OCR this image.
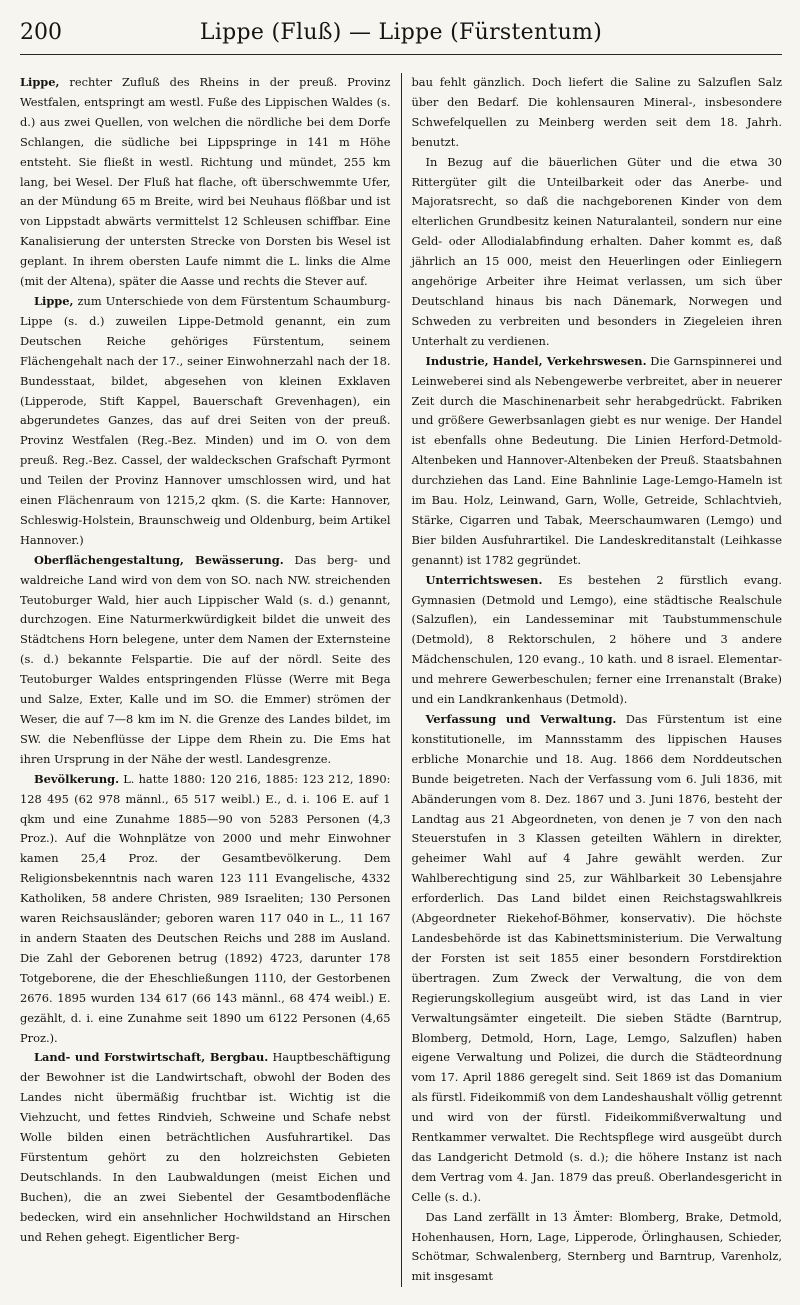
200	Lippe (Fluß) — Lippe (Fürstentum)

Lippe, rechter Zufluß des Rheins in der preuß. Provinz Westfalen, entspringt am westl. Fuße des Lippischen Waldes (s. d.) aus zwei Quellen, von welchen die nördliche bei dem Dorfe Schlangen, die südliche bei Lippspringe in 141 m Höhe entsteht. Sie fließt in westl. Richtung und mündet, 255 km lang, bei Wesel. Der Fluß hat flache, oft überschwemmte Ufer, an der Mündung 65 m Breite, wird bei Neuhaus flößbar und ist von Lippstadt abwärts vermittelst 12 Schleusen schiffbar. Eine Kanalisierung der untersten Strecke von Dorsten bis Wesel ist geplant. In ihrem obersten Laufe nimmt die L. links die Alme (mit der Altena), später die Aasse und rechts die Stever auf.

Lippe, zum Unterschiede von dem Fürstentum Schaumburg-Lippe (s. d.) zuweilen Lippe-Detmold genannt, ein zum Deutschen Reiche gehöriges Fürstentum, seinem Flächengehalt nach der 17., seiner Einwohnerzahl nach der 18. Bundesstaat, bildet, abgesehen von kleinen Exklaven (Lipperode, Stift Kappel, Bauerschaft Grevenhagen), ein abgerundetes Ganzes, das auf drei Seiten von der preuß. Provinz Westfalen (Reg.-Bez. Minden) und im O. von dem preuß. Reg.-Bez. Cassel, der waldeckschen Grafschaft Pyrmont und Teilen der Provinz Hannover umschlossen wird, und hat einen Flächenraum von 1215,2 qkm. (S. die Karte: Hannover, Schleswig-Holstein, Braunschweig und Oldenburg, beim Artikel Hannover.)

Oberflächengestaltung, Bewässerung. Das berg- und waldreiche Land wird von dem von SO. nach NW. streichenden Teutoburger Wald, hier auch Lippischer Wald (s. d.) genannt, durchzogen. Eine Naturmerkwürdigkeit bildet die unweit des Städtchens Horn belegene, unter dem Namen der Externsteine (s. d.) bekannte Felspartie. Die auf der nördl. Seite des Teutoburger Waldes entspringenden Flüsse (Werre mit Bega und Salze, Exter, Kalle und im SO. die Emmer) strömen der Weser, die auf 7—8 km im N. die Grenze des Landes bildet, im SW. die Nebenflüsse der Lippe dem Rhein zu. Die Ems hat ihren Ursprung in der Nähe der westl. Landesgrenze.

Bevölkerung. L. hatte 1880: 120 216, 1885: 123 212, 1890: 128 495 (62 978 männl., 65 517 weibl.) E., d. i. 106 E. auf 1 qkm und eine Zunahme 1885—90 von 5283 Personen (4,3 Proz.). Auf die Wohnplätze von 2000 und mehr Einwohner kamen 25,4 Proz. der Gesamtbevölkerung. Dem Religionsbekenntnis nach waren 123 111 Evangelische, 4332 Katholiken, 58 andere Christen, 989 Israeliten; 130 Personen waren Reichsausländer; geboren waren 117 040 in L., 11 167 in andern Staaten des Deutschen Reichs und 288 im Ausland. Die Zahl der Geborenen betrug (1892) 4723, darunter 178 Totgeborene, die der Eheschließungen 1110, der Gestorbenen 2676. 1895 wurden 134 617 (66 143 männl., 68 474 weibl.) E. gezählt, d. i. eine Zunahme seit 1890 um 6122 Personen (4,65 Proz.).

Land- und Forstwirtschaft, Bergbau. Hauptbeschäftigung der Bewohner ist die Landwirtschaft, obwohl der Boden des Landes nicht übermäßig fruchtbar ist. Wichtig ist die Viehzucht, und fettes Rindvieh, Schweine und Schafe nebst Wolle bilden einen beträchtlichen Ausfuhrartikel. Das Fürstentum gehört zu den holzreichsten Gebieten Deutschlands. In den Laubwaldungen (meist Eichen und Buchen), die an zwei Siebentel der Gesamtbodenfläche bedecken, wird ein ansehnlicher Hochwildstand an Hirschen und Rehen gehegt. Eigentlicher Berg-

bau fehlt gänzlich. Doch liefert die Saline zu Salzuflen Salz über den Bedarf. Die kohlensauren Mineral-, insbesondere Schwefelquellen zu Meinberg werden seit dem 18. Jahrh. benutzt.

In Bezug auf die bäuerlichen Güter und die etwa 30 Rittergüter gilt die Unteilbarkeit oder das Anerbe- und Majoratsrecht, so daß die nachgeborenen Kinder von dem elterlichen Grundbesitz keinen Naturalanteil, sondern nur eine Geld- oder Allodialabfindung erhalten. Daher kommt es, daß jährlich an 15 000, meist den Heuerlingen oder Einliegern angehörige Arbeiter ihre Heimat verlassen, um sich über Deutschland hinaus bis nach Dänemark, Norwegen und Schweden zu verbreiten und besonders in Ziegeleien ihren Unterhalt zu verdienen.

Industrie, Handel, Verkehrswesen. Die Garnspinnerei und Leinweberei sind als Nebengewerbe verbreitet, aber in neuerer Zeit durch die Maschinenarbeit sehr herabgedrückt. Fabriken und größere Gewerbsanlagen giebt es nur wenige. Der Handel ist ebenfalls ohne Bedeutung. Die Linien Herford-Detmold-Altenbeken und Hannover-Altenbeken der Preuß. Staatsbahnen durchziehen das Land. Eine Bahnlinie Lage-Lemgo-Hameln ist im Bau. Holz, Leinwand, Garn, Wolle, Getreide, Schlachtvieh, Stärke, Cigarren und Tabak, Meerschaumwaren (Lemgo) und Bier bilden Ausfuhrartikel. Die Landeskreditanstalt (Leihkasse genannt) ist 1782 gegründet.

Unterrichtswesen. Es bestehen 2 fürstlich evang. Gymnasien (Detmold und Lemgo), eine städtische Realschule (Salzuflen), ein Landesseminar mit Taubstummenschule (Detmold), 8 Rektorschulen, 2 höhere und 3 andere Mädchenschulen, 120 evang., 10 kath. und 8 israel. Elementar- und mehrere Gewerbeschulen; ferner eine Irrenanstalt (Brake) und ein Landkrankenhaus (Detmold).

Verfassung und Verwaltung. Das Fürstentum ist eine konstitutionelle, im Mannsstamm des lippischen Hauses erbliche Monarchie und 18. Aug. 1866 dem Norddeutschen Bunde beigetreten. Nach der Verfassung vom 6. Juli 1836, mit Abänderungen vom 8. Dez. 1867 und 3. Juni 1876, besteht der Landtag aus 21 Abgeordneten, von denen je 7 von den nach Steuerstufen in 3 Klassen geteilten Wählern in direkter, geheimer Wahl auf 4 Jahre gewählt werden. Zur Wahlberechtigung sind 25, zur Wählbarkeit 30 Lebensjahre erforderlich. Das Land bildet einen Reichstagswahlkreis (Abgeordneter Riekehof-Böhmer, konservativ). Die höchste Landesbehörde ist das Kabinettsministerium. Die Verwaltung der Forsten ist seit 1855 einer besondern Forstdirektion übertragen. Zum Zweck der Verwaltung, die von dem Regierungskollegium ausgeübt wird, ist das Land in vier Verwaltungsämter eingeteilt. Die sieben Städte (Barntrup, Blomberg, Detmold, Horn, Lage, Lemgo, Salzuflen) haben eigene Verwaltung und Polizei, die durch die Städteordnung vom 17. April 1886 geregelt sind. Seit 1869 ist das Domanium als fürstl. Fideikommiß von dem Landeshaushalt völlig getrennt und wird von der fürstl. Fideikommißverwaltung und Rentkammer verwaltet. Die Rechtspflege wird ausgeübt durch das Landgericht Detmold (s. d.); die höhere Instanz ist nach dem Vertrag vom 4. Jan. 1879 das preuß. Oberlandesgericht in Celle (s. d.).

Das Land zerfällt in 13 Ämter: Blomberg, Brake, Detmold, Hohenhausen, Horn, Lage, Lipperode, Örlinghausen, Schieder, Schötmar, Schwalenberg, Sternberg und Barntrup, Varenholz, mit insgesamt
